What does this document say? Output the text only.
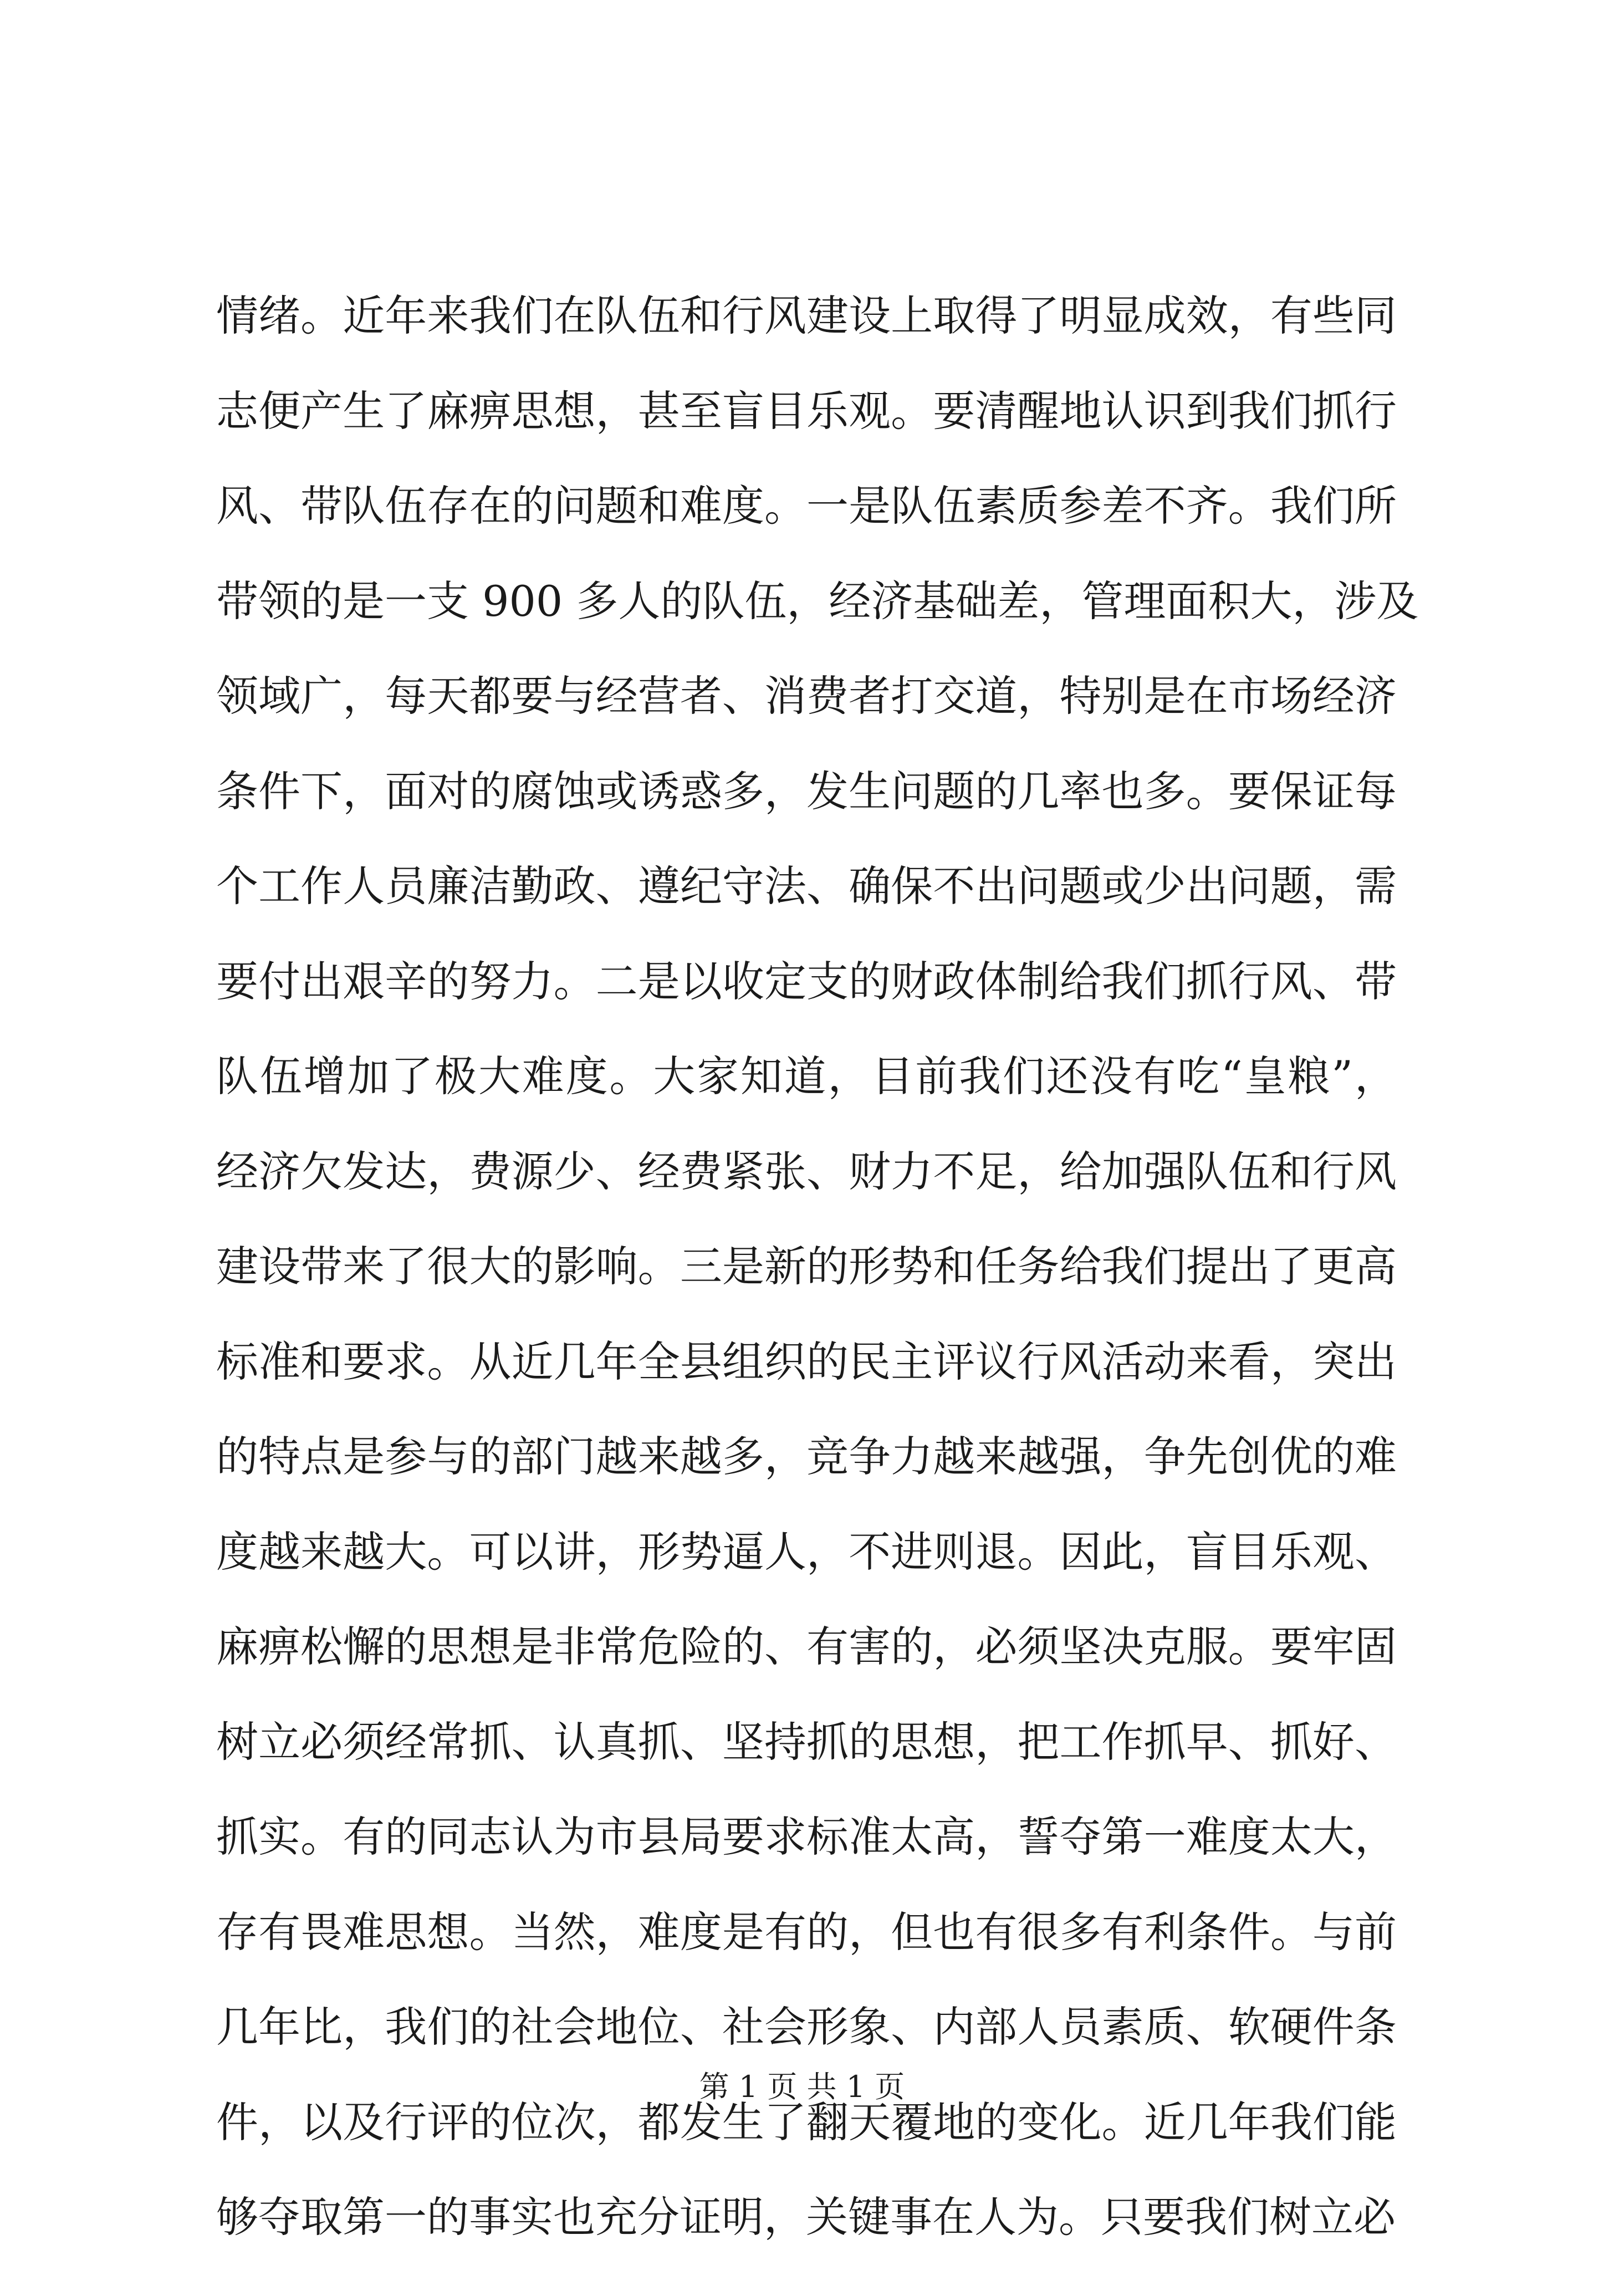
情绪。近年来我们在队伍和行风建设上取得了明显成效，有些同
志便产生了麻痹思想，甚至盲目乐观。要清醒地认识到我们抓行
风、带队伍存在的问题和难度。一是队伍素质参差不齐。我们所
带领的是一支 900 多人的队伍，经济基础差，管理面积大，涉及
领域广，每天都要与经营者、消费者打交道，特别是在市场经济
条件下，面对的腐蚀或诱惑多，发生问题的几率也多。要保证每
个工作人员廉洁勤政、遵纪守法、确保不出问题或少出问题，需
要付出艰辛的努力。二是以收定支的财政体制给我们抓行风、带
队伍增加了极大难度。大家知道，目前我们还没有吃“皇粮”，
经济欠发达，费源少、经费紧张、财力不足，给加强队伍和行风
建设带来了很大的影响。三是新的形势和任务给我们提出了更高
标准和要求。从近几年全县组织的民主评议行风活动来看，突出
的特点是参与的部门越来越多，竞争力越来越强，争先创优的难
度越来越大。可以讲，形势逼人，不进则退。因此，盲目乐观、
麻痹松懈的思想是非常危险的、有害的，必须坚决克服。要牢固
树立必须经常抓、认真抓、坚持抓的思想，把工作抓早、抓好、
抓实。有的同志认为市县局要求标准太高，誓夺第一难度太大，
存有畏难思想。当然，难度是有的，但也有很多有利条件。与前
几年比，我们的社会地位、社会形象、内部人员素质、软硬件条
件，以及行评的位次，都发生了翻天覆地的变化。近几年我们能
够夺取第一的事实也充分证明，关键事在人为。只要我们树立必
第 1 页 共 1 页
